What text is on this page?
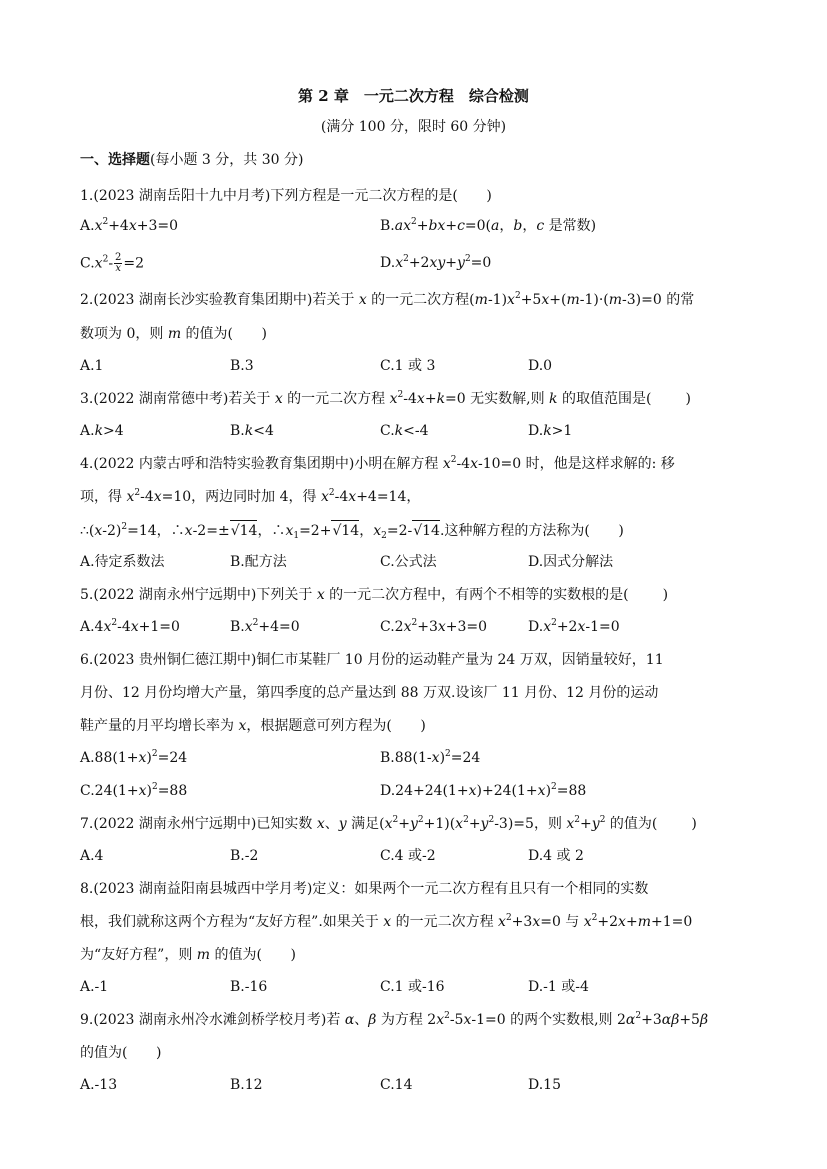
第 2 章　一元二次方程　综合检测
(满分 100 分，限时 60 分钟)
一、选择题(每小题 3 分，共 30 分)
1.(2023 湖南岳阳十九中月考)下列方程是一元二次方程的是( )
$A.x^2+4x+3=0$	$B.ax^2+bx+c=0(a$，b，c 是常数)
$C.x^2- \frac{2}{x} =2$	$D.x^2+2xy+y^2=0$
2.(2023 湖南长沙实验教育集团期中)若关于 x 的一元二次方程$(m-1)x^2+5x+(m-1)\cdot(m-3)=0$ 的常
数项为 0，则 m 的值为( )
A.1	B.3	C.1 或 3	D.0
3.(2022 湖南常德中考)若关于 x 的一元二次方程 $x^2-4x+k=0$ 无实数解,则 k 的取值范围是( )
A.k>4	B.k<4	C.k<-4	D.k>1
4.(2022 内蒙古呼和浩特实验教育集团期中)小明在解方程 $x^2-4x-10=0$ 时，他是这样求解的: 移
项，得 $x^2-4x=10$，两边同时加 4，得 $x^2-4x+4=14$，
$\therefore(x-2)^2=14$，∴x-2=±√14，$\therefore x_1=2+√14$，$x_2=2-√14$.这种解方程的方法称为( )
A.待定系数法	B.配方法	C.公式法	D.因式分解法
5.(2022 湖南永州宁远期中)下列关于 x 的一元二次方程中，有两个不相等的实数根的是( )
$A.4x^2-4x+1=0$	$B.x^2+4=0$	$C.2x^2+3x+3=0$	$D.x^2+2x-1=0$
6.(2023 贵州铜仁德江期中)铜仁市某鞋厂 10 月份的运动鞋产量为 24 万双，因销量较好，11
月份、12 月份均增大产量，第四季度的总产量达到 88 万双.设该厂 11 月份、12 月份的运动
鞋产量的月平均增长率为 x，根据题意可列方程为( )
$A.88(1+x)^2=24$	$B.88(1-x)^2=24$
$C.24(1+x)^2=88$	$D.24+24(1+x)+24(1+x)^2=88$
7.(2022 湖南永州宁远期中)已知实数 x、y 满足$(x^2+y^2+1)(x^2+y^2-3)=5$，则 $x^2+y^2$ 的值为( )
A.4	B.-2	C.4 或-2	D.4 或 2
8.(2023 湖南益阳南县城西中学月考)定义：如果两个一元二次方程有且只有一个相同的实数
根，我们就称这两个方程为“友好方程”.如果关于 x 的一元二次方程 $x^2+3x=0$ 与 $x^2+2x+m+1=0$
为“友好方程”，则 m 的值为( )
A.-1	B.-16	C.1 或-16	D.-1 或-4
9.(2023 湖南永州冷水滩剑桥学校月考)若 α、β 为方程 $2x^2-5x-1=0$ 的两个实数根,则 $2\alpha^2+3\alpha\beta+5\beta$
的值为( )
A.-13	B.12	C.14	D.15
